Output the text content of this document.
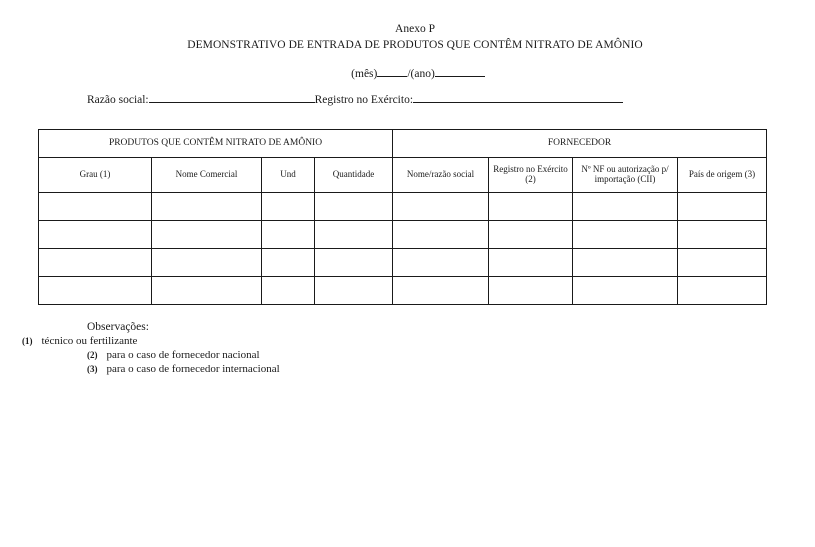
Anexo P
DEMONSTRATIVO DE ENTRADA DE PRODUTOS QUE CONTÊM NITRATO DE AMÔNIO
(mês)	/(ano)
Razão social:	Registro no Exército:
PRODUTOS QUE CONTÊM NITRATO DE AMÔNIO				FORNECEDOR			
Grau (1)	Nome Comercial	Und	Quantidade	Nome/razão social	Registro no Exército (2)	Nº NF ou autorização p/ importação (CII)	País de origem (3)

Observações:
(1) técnico ou fertilizante
(2) para o caso de fornecedor nacional
(3) para o caso de fornecedor internacional
